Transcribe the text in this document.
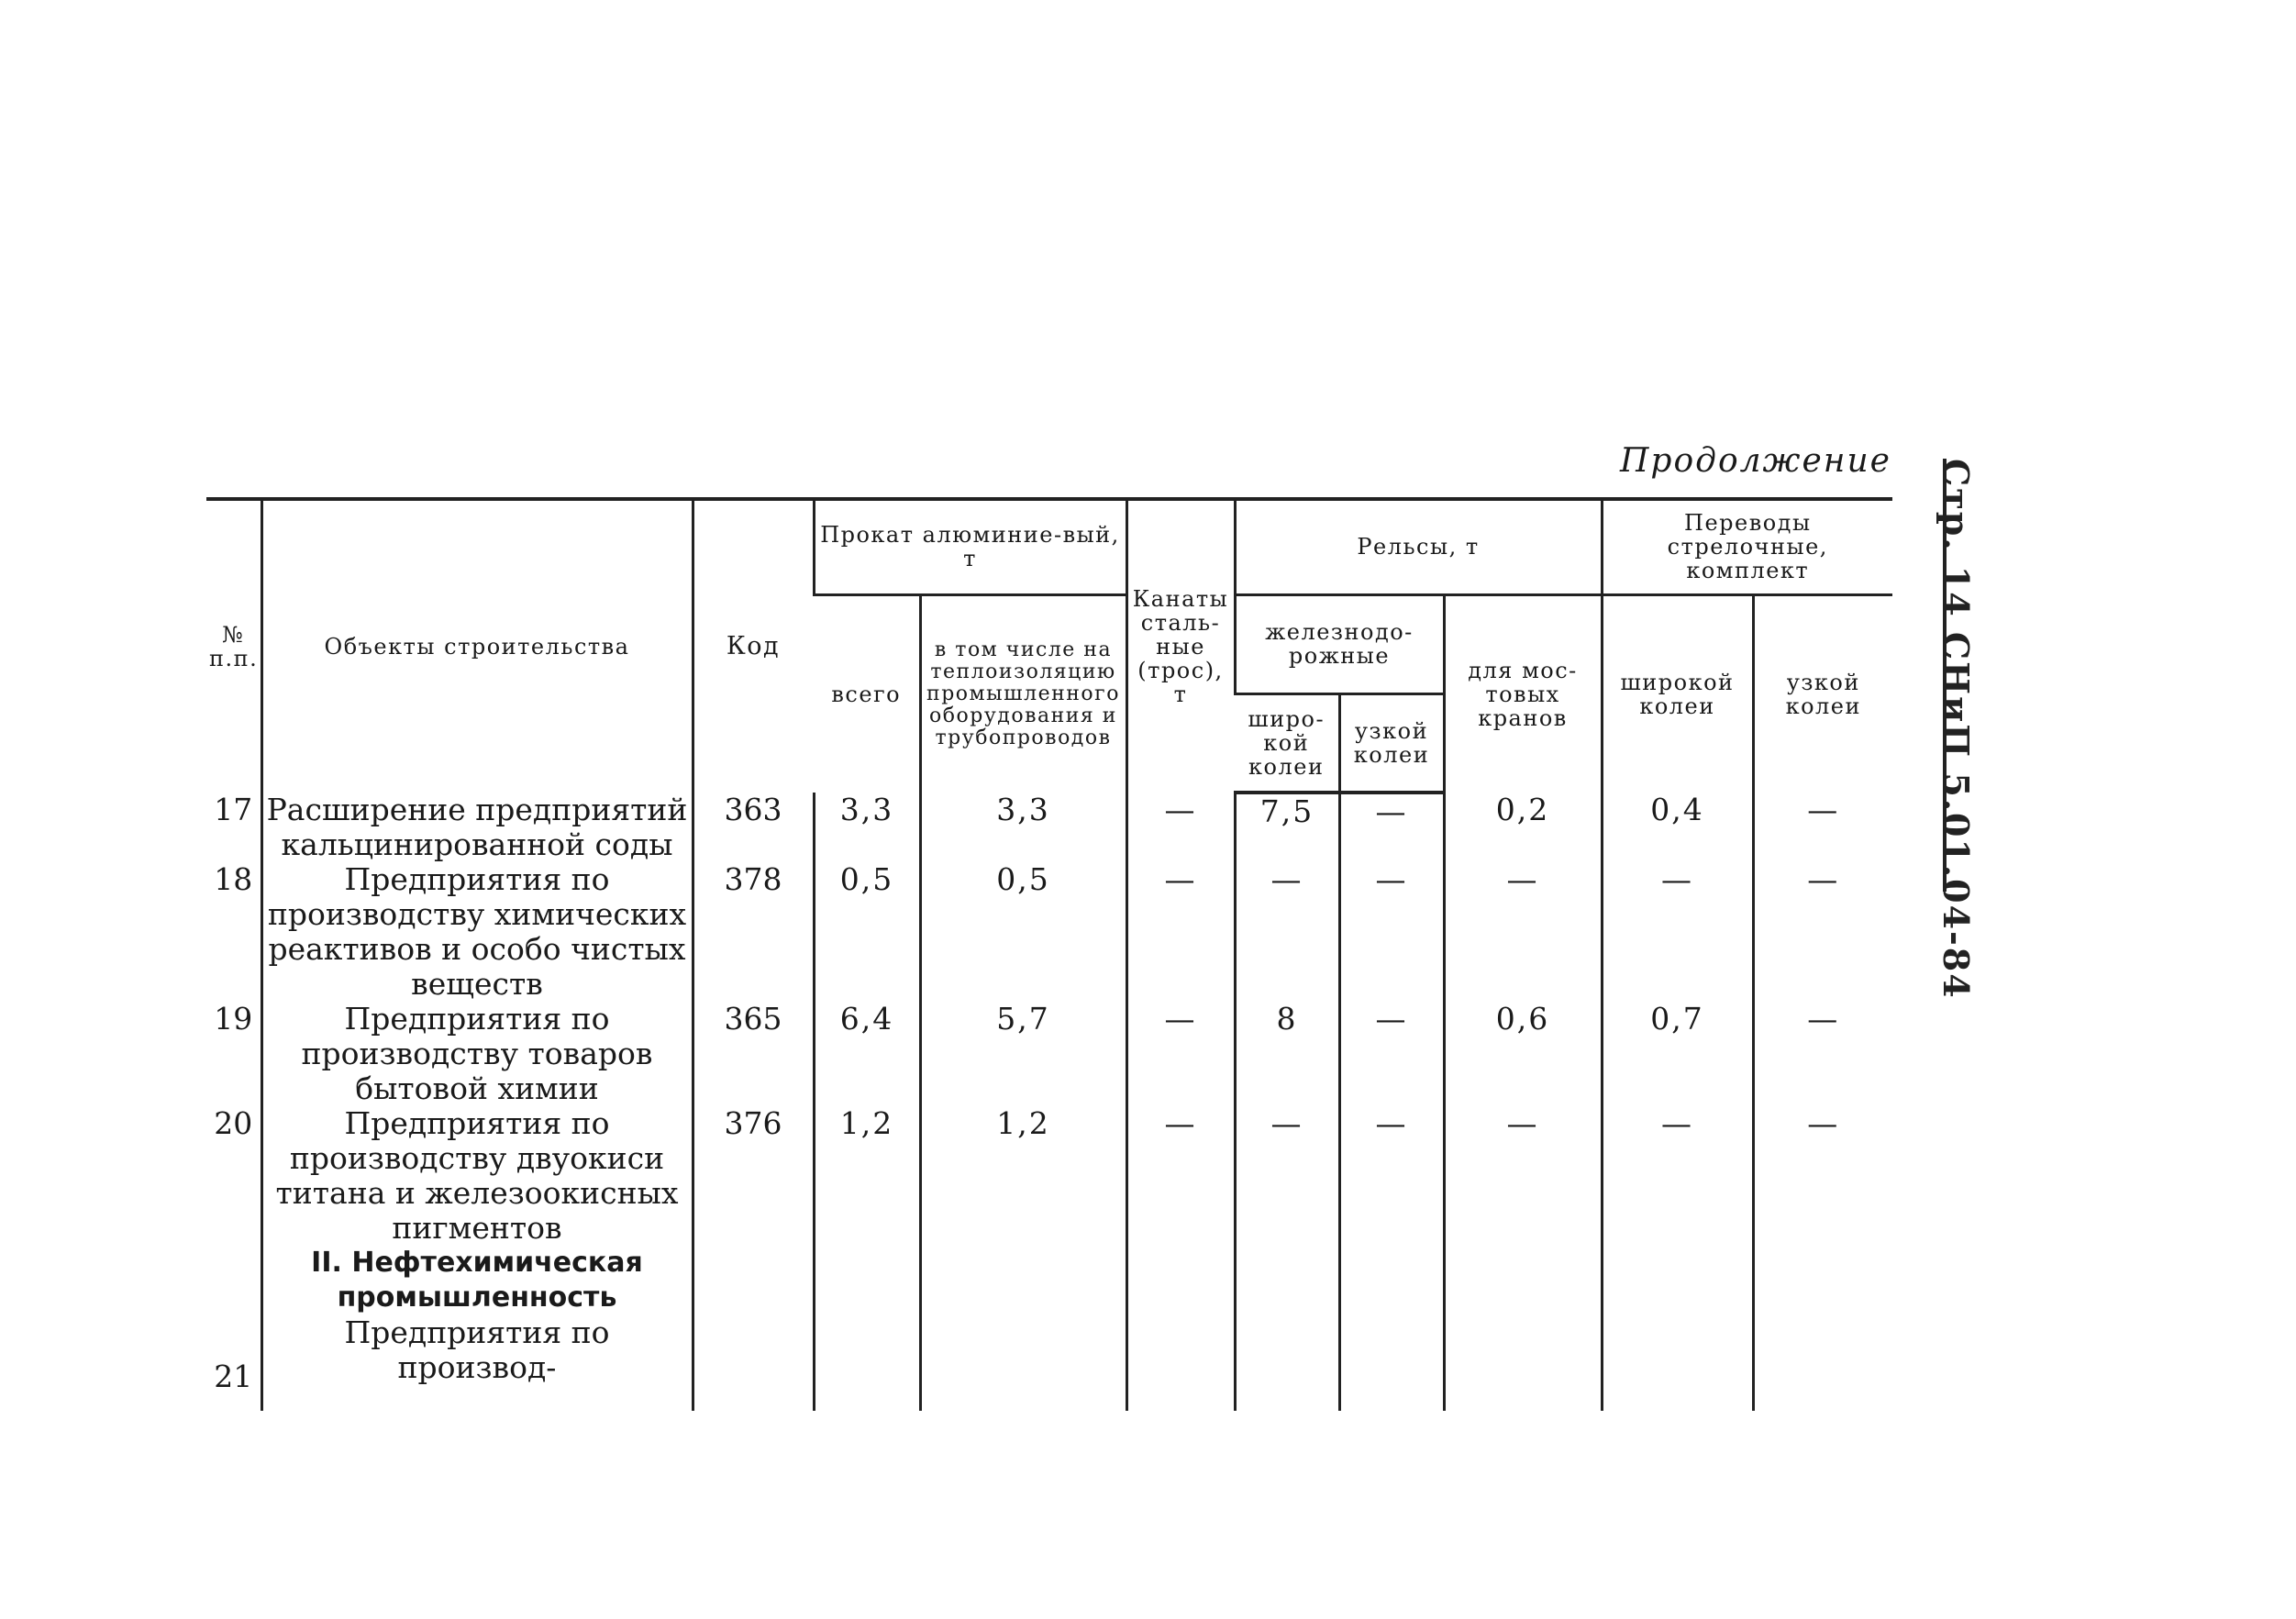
Продолжение Стр. 14 СНиП 5.01.04-84
№ п.п.	Объекты строительства	Код	Прокат алюминие-вый, т		Канаты сталь-ные (трос), т	Рельсы, т			Переводы стрелочные, комплект	
			всего	в том числе на теплоизоляцию промышленного оборудования и трубопроводов		железнодо-рожные		для мос-товых кранов	широкой колеи	узкой колеи
						широ-кой колеи	узкой колеи			
17	Расширение предприятий кальцинированной соды	363	3,3	3,3	—	7,5	—	0,2	0,4	—
18	Предприятия по производству химических реактивов и особо чистых веществ	378	0,5	0,5	—	—	—	—	—	—
19	Предприятия по производству товаров бытовой химии	365	6,4	5,7	—	8	—	0,6	0,7	—
20	Предприятия по производству двуокиси титана и железоокисных пигментов	376	1,2	1,2	—	—	—	—	—	—

	II. Нефтехимическая промышленность									

21	Предприятия по производ-									
